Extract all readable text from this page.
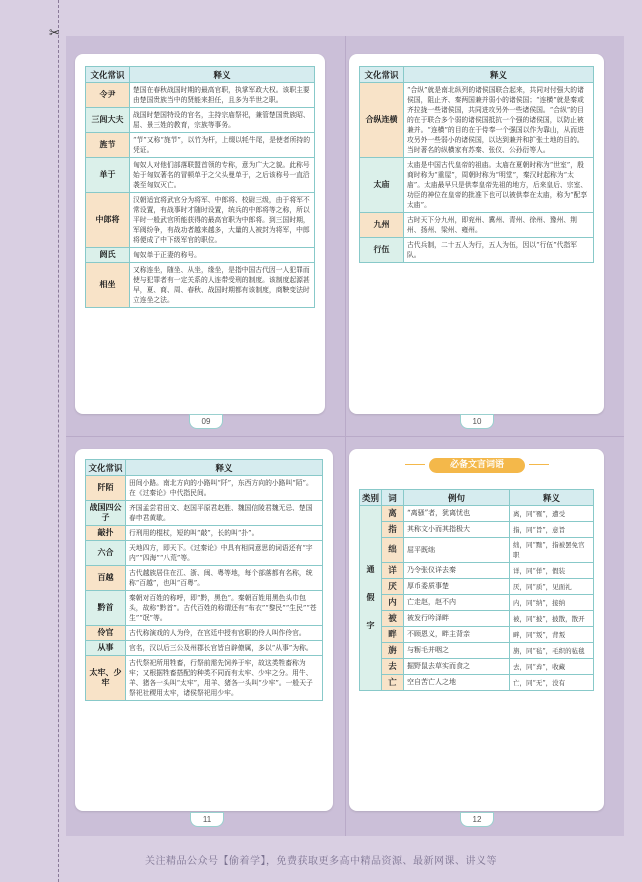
✂
文化常识	释义
令尹	楚国在春秋战国时期的最高官职，执掌军政大权。该职主要由楚国贵族当中的贤能来担任，且多为半世之职。
三闾大夫	战国时楚国特设的官名，主持宗庙祭祀，兼管楚国贵族昭、屈、景三姓的教育，宗族等事务。
旌节	“节”又称“旄节”，以竹为杆，上缀以牦牛尾，是使者所持的凭证。
单于	匈奴人对他们部落联盟首领的专称，意为广大之貌。此称号始于匈奴著名的冒顿单于之父头曼单于，之后该称号一直沿袭至匈奴灭亡。
中郎将	汉朝适宜将武官分为将军、中郎将、校尉三级，由于将军不常设置，有战事时才随时设置，统兵的中郎将等之称，所以平时一般武官所能获得的最高官职为中郎将。到三国时期，军阀纷争，有战功者越来越多，大量的人被封为将军，中郎将便成了中下级军官的职位。
阏氏	匈奴单于正妻的称号。
相坐	又称连坐，随坐、从坐，缘坐，是指中国古代因一人犯罪而使与犯罪者有一定关系的人连带受刑的制度。该制度起源甚早，夏、商、周、春秋、战国时期都有该制度，商鞅变法时立连坐之法。
09
文化常识	释义
合纵连横	“合纵”就是南北纵列的诸侯国联合起来，共同对付强大的诸侯国，阻止齐、秦两国兼并弱小的诸侯国；“连横”就是秦或齐拉拢一些诸侯国，共同进攻另外一些诸侯国。“合纵”的目的在于联合多个弱的诸侯国抵抗一个强的诸侯国，以防止被兼并。“连横”的目的在于侍奉一个强国以作为靠山，从而进攻另外一些弱小的诸侯国，以达到兼并和扩张土地的目的。当时著名的纵横家有苏秦、张仪、公孙衍等人。
太庙	太庙是中国古代皇帝的祖庙。太庙在夏朝时称为“世室”，殷商时称为“重屋”，周朝时称为“明堂”，秦汉时起称为“太庙”。太庙最早只是供奉皇帝先祖的地方，后来皇后、宗室、功臣的神位在皇帝的批准下也可以被供奉在太庙，称为“配享太庙”。
九州	古时天下分九州，即兖州、冀州、青州、徐州、豫州、荆州、扬州、梁州、雍州。
行伍	古代兵制，二十五人为行，五人为伍，因以“行伍”代指军队。
10
文化常识	释义
阡陌	田间小路。南北方向的小路叫“阡”，东西方向的小路叫“陌”。在《过秦论》中代指民间。
战国四公子	齐国孟尝君田文、赵国平原君赵胜、魏国信陵君魏无忌、楚国春申君黄歇。
敲扑	行刑用的棍杖，短的叫“敲”，长的叫“扑”。
六合	天地四方，即天下。《过秦论》中具有相同意思的词语还有“宇内”“四海”“八荒”等。
百越	古代越族居住在江、浙、闽、粤等地，每个部落都有名称，统称“百越”，也叫“百粤”。
黔首	秦朝对百姓的称呼，即“黔，黑色”。秦朝百姓用黑色头巾包头，故称“黔首”。古代百姓的称谓还有“布衣”“黎民”“生民”“苍生”“氓”等。
伶官	古代称演戏的人为伶，在宫廷中授有官职的伶人叫作伶官。
从事	官名，汉以后三公及州郡长官皆自辟僚属，多以“从事”为称。
太牢、少牢	古代祭祀所用牲畜，行祭前需先饲养于牢，故这类牲畜称为牢；又根据牲畜搭配的种类不同而有太牢、少牢之分。用牛、羊、猪各一头叫“太牢”，用羊、猪各一头叫“少牢”。一般天子祭祀社稷用太牢，诸侯祭祀用少牢。
11
必备文言词语
类别	词	例句	释义
通

假

字	离	“离骚”者，犹离忧也	离，同“罹”，遭受
	指	其称文小而其指极大	指，同“旨”，意旨
	绌	屈平既绌	绌，同“黜”，指被罢免官职
	详	乃令张仪详去秦	详，同“佯”，假装
	厌	厚币委质事楚	厌，同“质”，见面礼
	内	亡走赵，赵不内	内，同“纳”，接纳
	被	被发行吟泽畔	被，同“披”，披散，散开
	畔	不顾恩义，畔主背亲	畔，同“叛”，背叛
	旃	与粝毛并咽之	旃，同“毡”，毛织的毡毯
	去	掘野鼠去草实而食之	去，同“弆”，收藏
	亡	空自苦亡人之地	亡，同“无”，没有
12
关注精品公众号【偷着学】，免费获取更多高中精品资源、最新网课、讲义等
